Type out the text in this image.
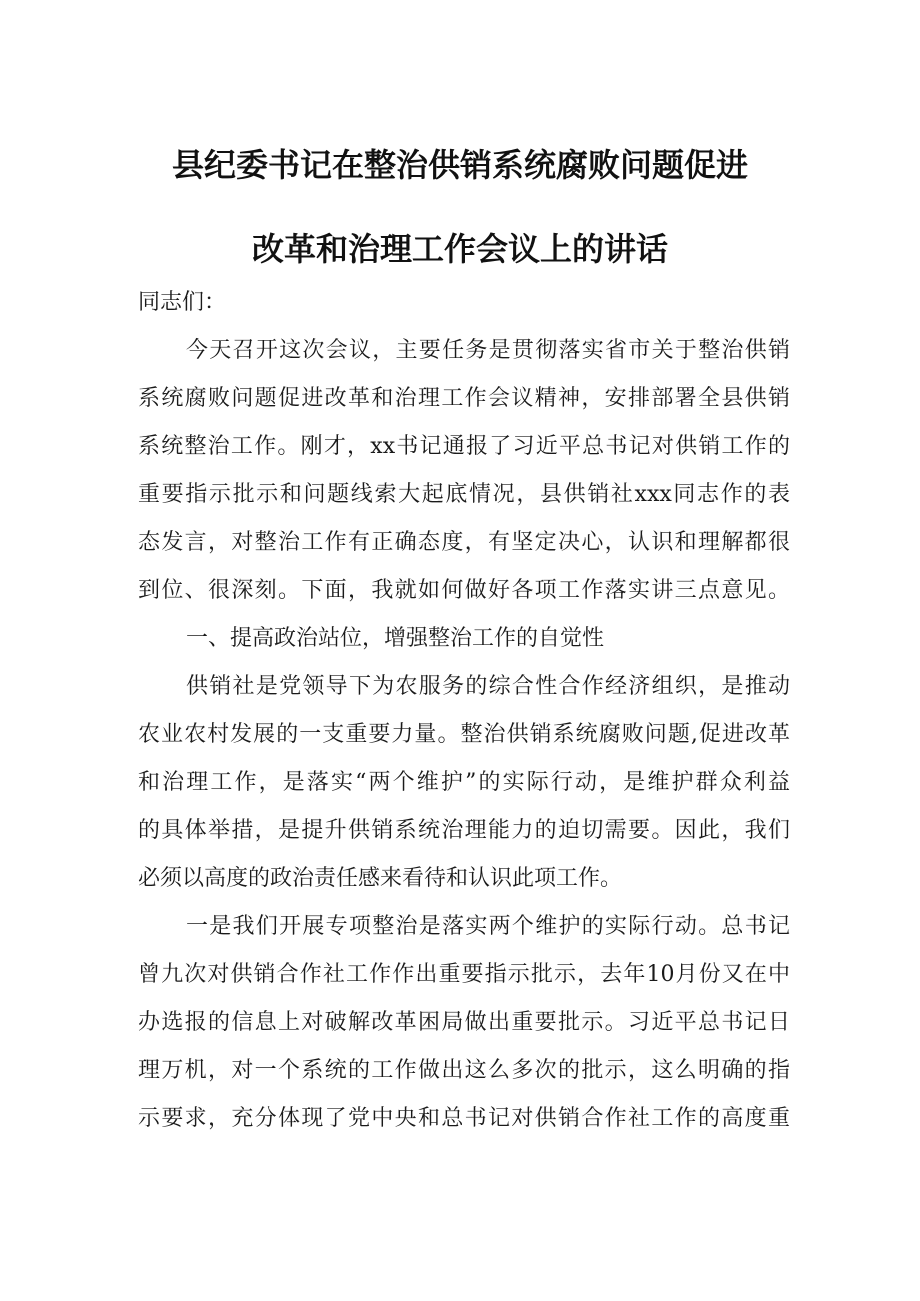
县纪委书记在整治供销系统腐败问题促进
改革和治理工作会议上的讲话
同志们：
今天召开这次会议，主要任务是贯彻落实省市关于整治供销
系统腐败问题促进改革和治理工作会议精神，安排部署全县供销
系统整治工作。刚才，xx书记通报了习近平总书记对供销工作的
重要指示批示和问题线索大起底情况，县供销社xxx同志作的表
态发言，对整治工作有正确态度，有坚定决心，认识和理解都很
到位、很深刻。下面，我就如何做好各项工作落实讲三点意见。
一、提高政治站位，增强整治工作的自觉性
供销社是党领导下为农服务的综合性合作经济组织，是推动
农业农村发展的一支重要力量。整治供销系统腐败问题,促进改革
和治理工作，是落实“两个维护”的实际行动，是维护群众利益
的具体举措，是提升供销系统治理能力的迫切需要。因此，我们
必须以高度的政治责任感来看待和认识此项工作。
一是我们开展专项整治是落实两个维护的实际行动。总书记
曾九次对供销合作社工作作出重要指示批示，去年10月份又在中
办选报的信息上对破解改革困局做出重要批示。习近平总书记日
理万机，对一个系统的工作做出这么多次的批示，这么明确的指
示要求，充分体现了党中央和总书记对供销合作社工作的高度重
